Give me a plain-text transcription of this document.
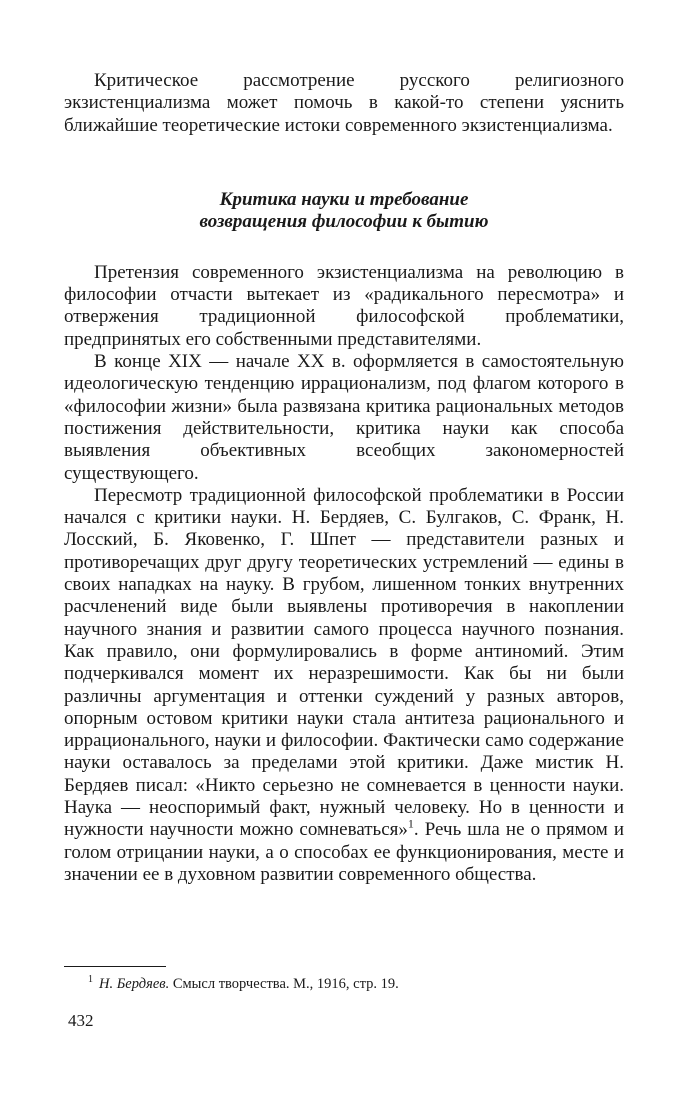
Критическое рассмотрение русского религиозного экзистенциализма может помочь в какой-то степени уяснить ближайшие теоретические истоки современного экзистенциализма.

Критика науки и требование
возвращения философии к бытию

Претензия современного экзистенциализма на революцию в философии отчасти вытекает из «радикального пересмотра» и отвержения традиционной философской проблематики, предпринятых его собственными представителями.

В конце XIX — начале XX в. оформляется в самостоятельную идеологическую тенденцию иррационализм, под флагом которого в «философии жизни» была развязана критика рациональных методов постижения действительности, критика науки как способа выявления объективных всеобщих закономерностей существующего.

Пересмотр традиционной философской проблематики в России начался с критики науки. Н. Бердяев, С. Булгаков, С. Франк, Н. Лосский, Б. Яковенко, Г. Шпет — представители разных и противоречащих друг другу теоретических устремлений — едины в своих нападках на науку. В грубом, лишенном тонких внутренних расчленений виде были выявлены противоречия в накоплении научного знания и развитии самого процесса научного познания. Как правило, они формулировались в форме антиномий. Этим подчеркивался момент их неразрешимости. Как бы ни были различны аргументация и оттенки суждений у разных авторов, опорным остовом критики науки стала антитеза рационального и иррационального, науки и философии. Фактически само содержание науки оставалось за пределами этой критики. Даже мистик Н. Бердяев писал: «Никто серьезно не сомневается в ценности науки. Наука — неоспоримый факт, нужный человеку. Но в ценности и нужности научности можно сомневаться»$^1$. Речь шла не о прямом и голом отрицании науки, а о способах ее функционирования, месте и значении ее в духовном развитии современного общества.

$^1$ Н. Бердяев. Смысл творчества. М., 1916, стр. 19.
432
